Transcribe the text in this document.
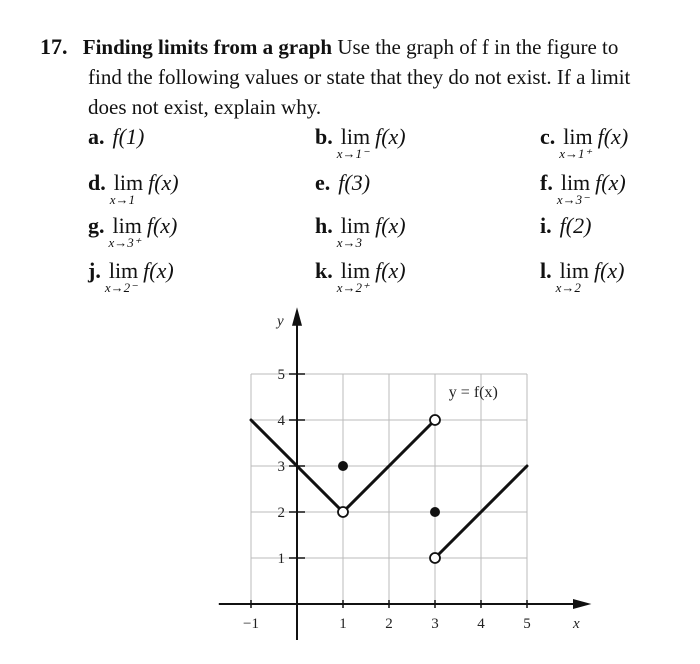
17. Finding limits from a graph Use the graph of f in the figure to
find the following values or state that they do not exist. If a limit
does not exist, explain why.
a. f(1)	b. lim
x→1⁻
f(x)	c. lim
x→1⁺
f(x)
d. lim
x→1
f(x)	e. f(3)	f. lim
x→3⁻
f(x)
g. lim
x→3⁺
f(x)	h. lim
x→3
f(x)	i. f(2)
j. lim
x→2⁻
f(x)	k. lim
x→2⁺
f(x)	l. lim
x→2
f(x)
−1	1	2	3	4	5
1
2
3
4
5
y
x
y = f(x)
